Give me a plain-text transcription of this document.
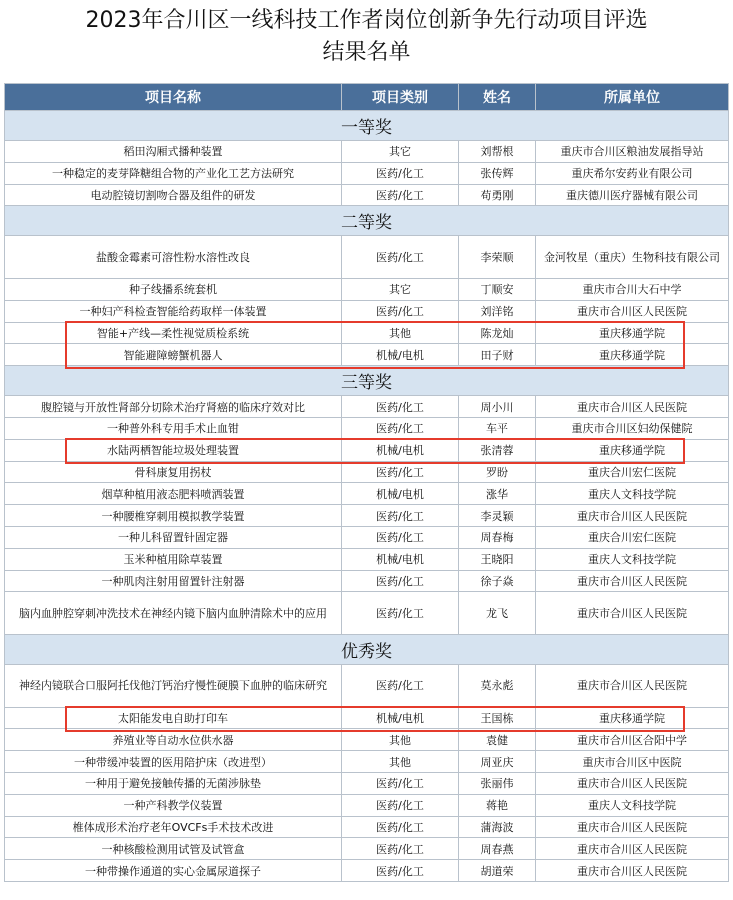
2023年合川区一线科技工作者岗位创新争先行动项目评选
结果名单
项目名称	项目类别	姓名	所属单位
一等奖			
稻田沟厢式播种装置	其它	刘帮根	重庆市合川区粮油发展指导站
一种稳定的麦芽降糖组合物的产业化工艺方法研究	医药/化工	张传辉	重庆希尔安药业有限公司
电动腔镜切割吻合器及组件的研发	医药/化工	苟勇刚	重庆德川医疗器械有限公司
二等奖			
盐酸金霉素可溶性粉水溶性改良	医药/化工	李荣顺	金河牧星（重庆）生物科技有限公司
种子线播系统套机	其它	丁顺安	重庆市合川大石中学
一种妇产科检查智能给药取样一体装置	医药/化工	刘洋铭	重庆市合川区人民医院
智能+产线—柔性视觉质检系统	其他	陈龙灿	重庆移通学院
智能避障螃蟹机器人	机械/电机	田子财	重庆移通学院
三等奖			
腹腔镜与开放性肾部分切除术治疗肾癌的临床疗效对比	医药/化工	周小川	重庆市合川区人民医院
一种普外科专用手术止血钳	医药/化工	车平	重庆市合川区妇幼保健院
水陆两栖智能垃圾处理装置	机械/电机	张清蓉	重庆移通学院
骨科康复用拐杖	医药/化工	罗盼	重庆合川宏仁医院
烟草种植用液态肥料喷洒装置	机械/电机	涨华	重庆人文科技学院
一种腰椎穿刺用模拟教学装置	医药/化工	李灵颖	重庆市合川区人民医院
一种儿科留置针固定器	医药/化工	周春梅	重庆合川宏仁医院
玉米种植用除草装置	机械/电机	王晓阳	重庆人文科技学院
一种肌肉注射用留置针注射器	医药/化工	徐子焱	重庆市合川区人民医院
脑内血肿腔穿刺冲洗技术在神经内镜下脑内血肿清除术中的应用	医药/化工	龙飞	重庆市合川区人民医院
优秀奖			
神经内镜联合口服阿托伐他汀钙治疗慢性硬膜下血肿的临床研究	医药/化工	莫永彪	重庆市合川区人民医院
太阳能发电自助打印车	机械/电机	王国栋	重庆移通学院
养殖业等自动水位供水器	其他	袁健	重庆市合川区合阳中学
一种带缓冲装置的医用陪护床（改进型）	其他	周亚庆	重庆市合川区中医院
一种用于避免接触传播的无菌涉脉垫	医药/化工	张丽伟	重庆市合川区人民医院
一种产科教学仪装置	医药/化工	蒋艳	重庆人文科技学院
椎体成形术治疗老年OVCFs手术技术改进	医药/化工	蒲海波	重庆市合川区人民医院
一种核酸检测用试管及试管盒	医药/化工	周春燕	重庆市合川区人民医院
一种带操作通道的实心金属尿道探子	医药/化工	胡道荣	重庆市合川区人民医院
